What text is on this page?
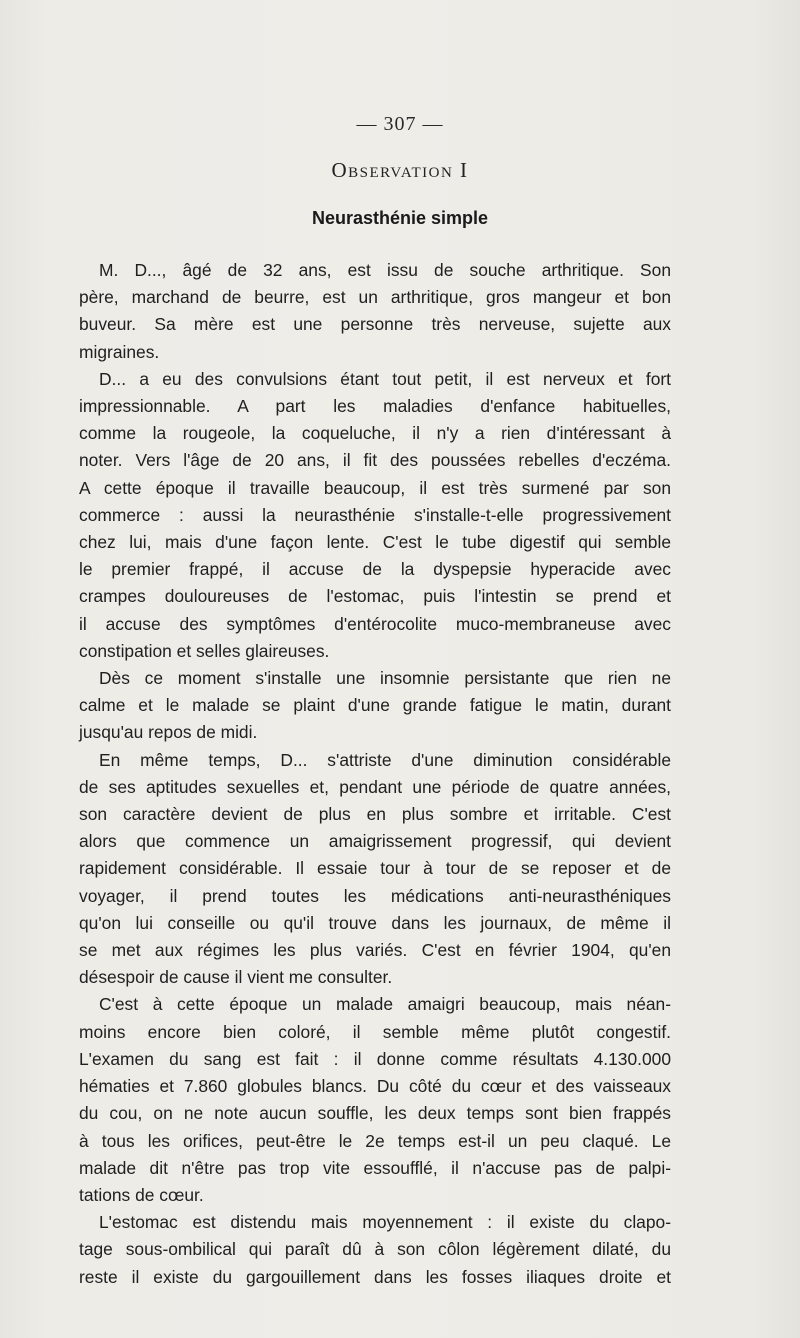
— 307 —
Observation I
Neurasthénie simple

M. D..., âgé de 32 ans, est issu de souche arthritique. Son
père, marchand de beurre, est un arthritique, gros mangeur et bon
buveur. Sa mère est une personne très nerveuse, sujette aux
migraines.

D... a eu des convulsions étant tout petit, il est nerveux et fort
impressionnable. A part les maladies d'enfance habituelles,
comme la rougeole, la coqueluche, il n'y a rien d'intéressant à
noter. Vers l'âge de 20 ans, il fit des poussées rebelles d'eczéma.
A cette époque il travaille beaucoup, il est très surmené par son
commerce : aussi la neurasthénie s'installe-t-elle progressivement
chez lui, mais d'une façon lente. C'est le tube digestif qui semble
le premier frappé, il accuse de la dyspepsie hyperacide avec
crampes douloureuses de l'estomac, puis l'intestin se prend et
il accuse des symptômes d'entérocolite muco-membraneuse avec
constipation et selles glaireuses.

Dès ce moment s'installe une insomnie persistante que rien ne
calme et le malade se plaint d'une grande fatigue le matin, durant
jusqu'au repos de midi.

En même temps, D... s'attriste d'une diminution considérable
de ses aptitudes sexuelles et, pendant une période de quatre années,
son caractère devient de plus en plus sombre et irritable. C'est
alors que commence un amaigrissement progressif, qui devient
rapidement considérable. Il essaie tour à tour de se reposer et de
voyager, il prend toutes les médications anti-neurasthéniques
qu'on lui conseille ou qu'il trouve dans les journaux, de même il
se met aux régimes les plus variés. C'est en février 1904, qu'en
désespoir de cause il vient me consulter.

C'est à cette époque un malade amaigri beaucoup, mais néan-
moins encore bien coloré, il semble même plutôt congestif.
L'examen du sang est fait : il donne comme résultats 4.130.000
hématies et 7.860 globules blancs. Du côté du cœur et des vaisseaux
du cou, on ne note aucun souffle, les deux temps sont bien frappés
à tous les orifices, peut-être le 2e temps est-il un peu claqué. Le
malade dit n'être pas trop vite essoufflé, il n'accuse pas de palpi-
tations de cœur.

L'estomac est distendu mais moyennement : il existe du clapo-
tage sous-ombilical qui paraît dû à son côlon légèrement dilaté, du
reste il existe du gargouillement dans les fosses iliaques droite et
